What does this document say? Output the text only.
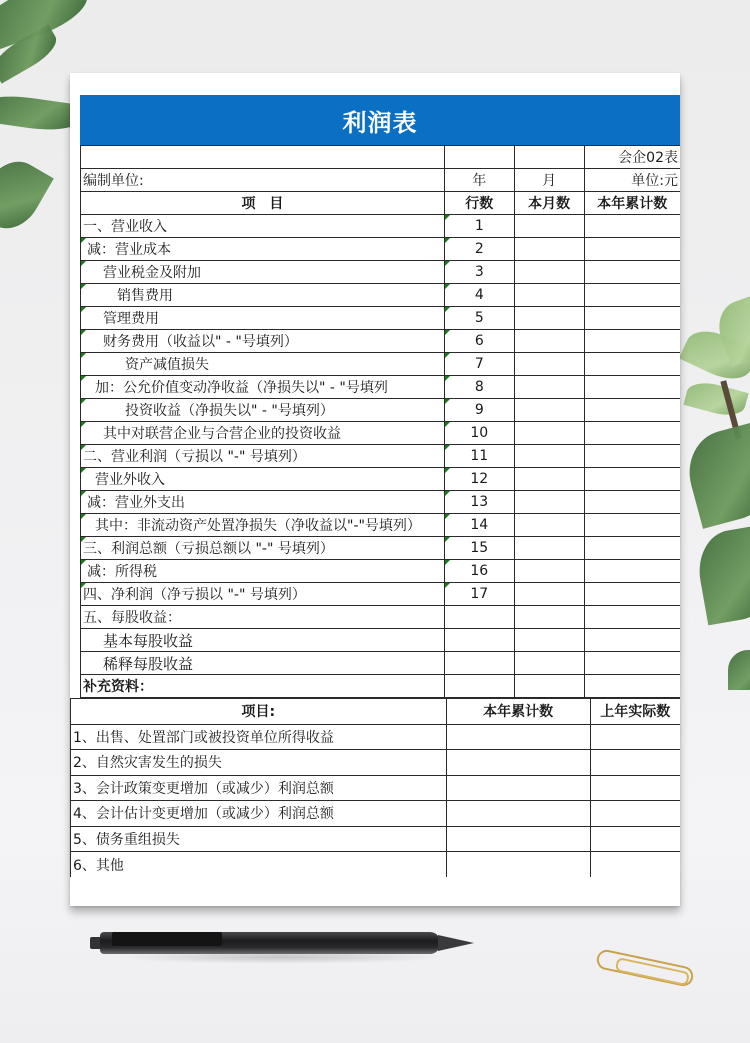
利润表
			会企02表
编制单位:	年	月	单位:元
项　目	行数	本月数	本年累计数
一、营业收入	1		
减：营业成本	2		
营业税金及附加	3		
销售费用	4		
管理费用	5		
财务费用（收益以" - "号填列）	6		
资产减值损失	7		
加：公允价值变动净收益（净损失以" - "号填列	8		
投资收益（净损失以" - "号填列）	9		
其中对联营企业与合营企业的投资收益	10		
二、营业利润（亏损以 "-" 号填列）	11		
营业外收入	12		
减：营业外支出	13		
其中：非流动资产处置净损失（净收益以"-"号填列）	14		
三、利润总额（亏损总额以 "-" 号填列）	15		
减：所得税	16		
四、净利润（净亏损以 "-" 号填列）	17		
五、每股收益：			
基本每股收益			
稀释每股收益			
补充资料：			
项目:	本年累计数	上年实际数
1、出售、处置部门或被投资单位所得收益		
2、自然灾害发生的损失		
3、会计政策变更增加（或减少）利润总额		
4、会计估计变更增加（或减少）利润总额		
5、债务重组损失		
6、其他		
